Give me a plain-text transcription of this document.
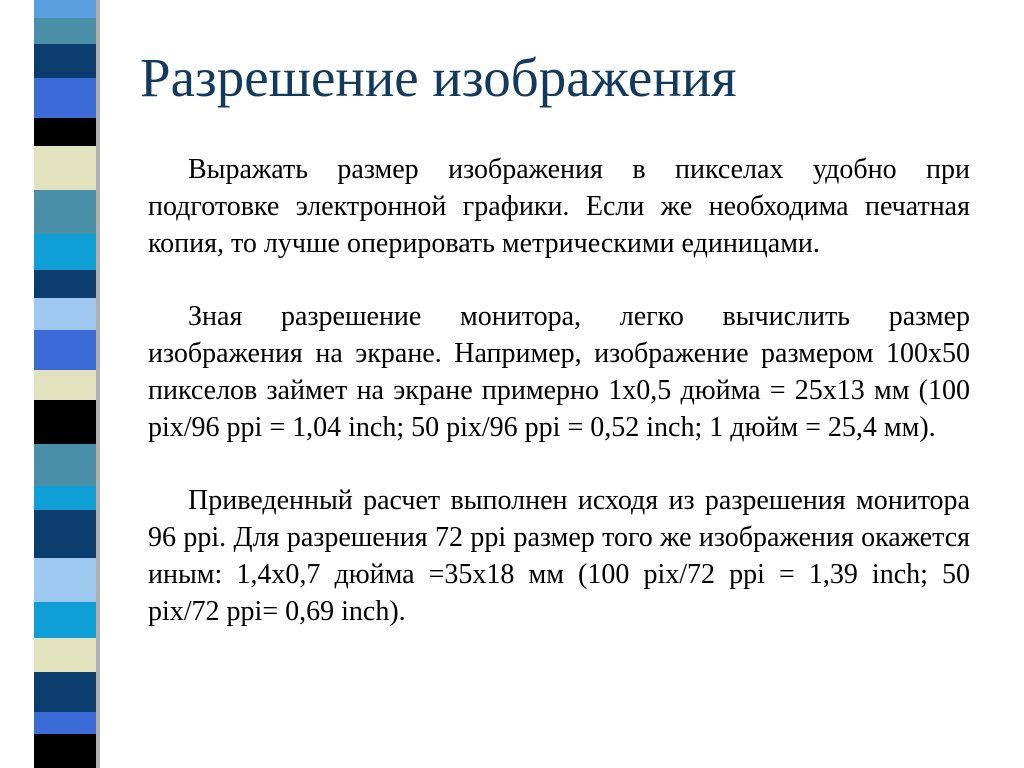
Разрешение изображения

Выражать размер изображения в пикселах удобно при подготовке электронной графики. Если же необходима печатная копия, то лучше оперировать метрическими единицами.

Зная разрешение монитора, легко вычислить размер изображения на экране. Например, изображение размером 100х50 пикселов займет на экране примерно 1х0,5 дюйма = 25х13 мм (100 pix/96 ppi = 1,04 inch; 50 pix/96 ppi = 0,52 inch; 1 дюйм = 25,4 мм).

Приведенный расчет выполнен исходя из разрешения монитора 96 ppi. Для разрешения 72 ppi размер того же изображения окажется иным: 1,4х0,7 дюйма =35х18 мм (100 pix/72 ppi = 1,39 inch; 50 pix/72 ppi= 0,69 inch).
